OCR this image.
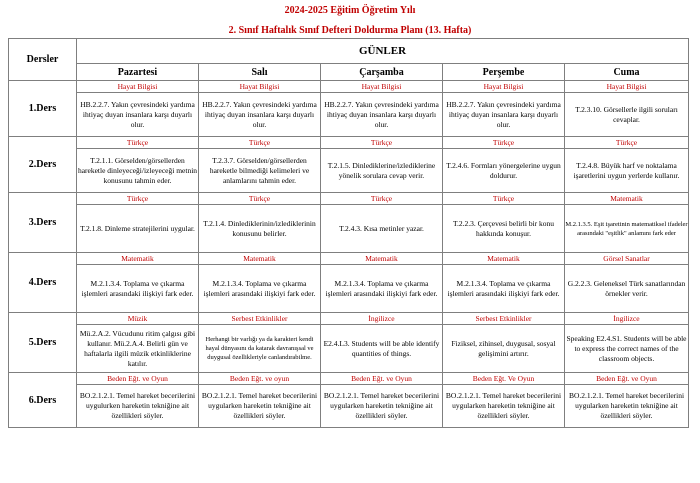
2024-2025 Eğitim Öğretim Yılı
2. Sınıf Haftalık Sınıf Defteri Doldurma Planı (13. Hafta)
Dersler	GÜNLER				
	Pazartesi	Salı	Çarşamba	Perşembe	Cuma
1.Ders	Hayat Bilgisi	Hayat Bilgisi	Hayat Bilgisi	Hayat Bilgisi	Hayat Bilgisi

	HB.2.2.7. Yakın çevresindeki yardıma ihtiyaç duyan insanlara karşı duyarlı olur.	HB.2.2.7. Yakın çevresindeki yardıma ihtiyaç duyan insanlara karşı duyarlı olur.	HB.2.2.7. Yakın çevresindeki yardıma ihtiyaç duyan insanlara karşı duyarlı olur.	HB.2.2.7. Yakın çevresindeki yardıma ihtiyaç duyan insanlara karşı duyarlı olur.	T.2.3.10. Görsellerle ilgili soruları cevaplar.

2.Ders	Türkçe	Türkçe	Türkçe	Türkçe	Türkçe

	T.2.1.1. Görselden/görsellerden hareketle dinleyeceği/izleyeceği metnin konusunu tahmin eder.	T.2.3.7. Görselden/görsellerden hareketle bilmediği kelimeleri ve anlamlarını tahmin eder.	T.2.1.5. Dinlediklerine/izlediklerine yönelik sorulara cevap verir.	T.2.4.6. Formları yönergelerine uygun doldurur.	T.2.4.8. Büyük harf ve noktalama işaretlerini uygun yerlerde kullanır.

3.Ders	Türkçe	Türkçe	Türkçe	Türkçe	Matematik

	T.2.1.8. Dinleme stratejilerini uygular.	T.2.1.4. Dinlediklerinin/izlediklerinin konusunu belirler.	T.2.4.3. Kısa metinler yazar.	T.2.2.3. Çerçevesi belirli bir konu hakkında konuşur.	M.2.1.3.5. Eşit işaretinin matematiksel ifadeler arasındaki "eşitlik" anlamını fark eder

4.Ders	Matematik	Matematik	Matematik	Matematik	Görsel Sanatlar

	M.2.1.3.4. Toplama ve çıkarma işlemleri arasındaki ilişkiyi fark eder.	M.2.1.3.4. Toplama ve çıkarma işlemleri arasındaki ilişkiyi fark eder.	M.2.1.3.4. Toplama ve çıkarma işlemleri arasındaki ilişkiyi fark eder.	M.2.1.3.4. Toplama ve çıkarma işlemleri arasındaki ilişkiyi fark eder.	G.2.2.3. Geleneksel Türk sanatlarından örnekler verir.

5.Ders	Müzik	Serbest Etkinlikler	İngilizce	Serbest Etkinlikler	İngilizce

	Mü.2.A.2. Vücudunu ritim çalgısı gibi kullanır. Mü.2.A.4. Belirli gün ve haftalarla ilgili müzik etkinliklerine katılır.	Herhangi bir varlığı ya da karakteri kendi hayal dünyasını da katarak davranışsal ve duygusal özellikleriyle canlandırabilme.	E2.4.L3. Students will be able identify quantities of things.	Fiziksel, zihinsel, duygusal, sosyal gelişimini artırır.	Speaking E2.4.S1. Students will be able to express the correct names of the classroom objects.

6.Ders	Beden Eğt. ve Oyun	Beden Eğt. ve oyun	Beden Eğt. ve Oyun	Beden Eğt. Ve Oyun	Beden Eğt. ve Oyun

	BO.2.1.2.1. Temel hareket becerilerini uygulurken hareketin tekniğine ait özellikleri söyler.	BO.2.1.2.1. Temel hareket becerilerini uygularken hareketin tekniğine ait özellikleri söyler.	BO.2.1.2.1. Temel hareket becerilerini uygularken hareketin tekniğine ait özellikleri söyler.	BO.2.1.2.1. Temel hareket becerilerini uygularken hareketin tekniğine ait özellikleri söyler.	BO.2.1.2.1. Temel hareket becerilerini uygularken hareketin tekniğine ait özellikleri söyler.
